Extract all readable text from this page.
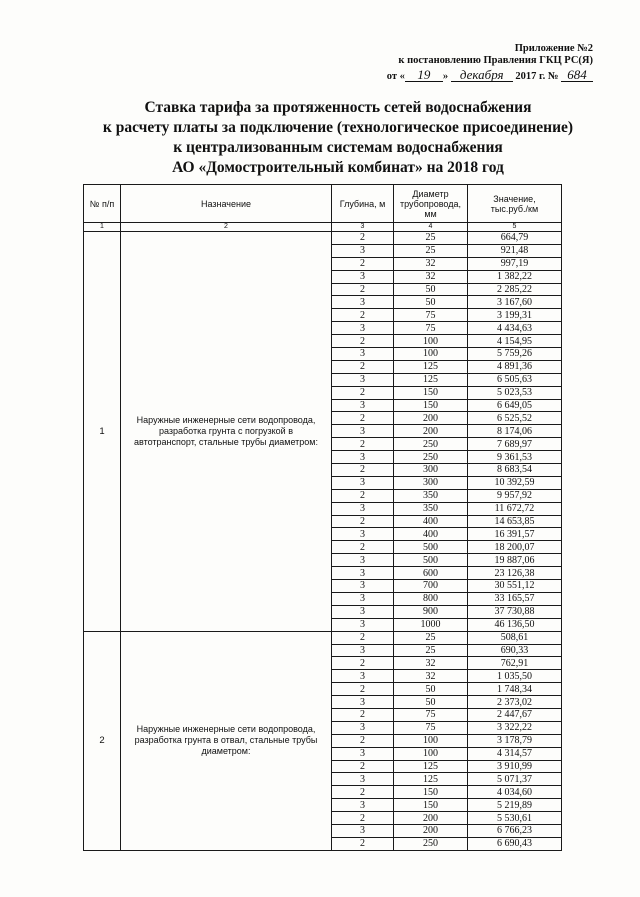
Приложение №2
к постановлению Правления ГКЦ РС(Я)
от « 19 » декабря 2017 г. № 684
Ставка тарифа за протяженность сетей водоснабжения
к расчету платы за подключение (технологическое присоединение)
к централизованным системам водоснабжения
АО «Домостроительный комбинат» на 2018 год
№ п/п	Назначение	Глубина, м	Диаметр трубопровода, мм	Значение, тыс.руб./км
1	2	3	4	5
1	Наружные инженерные сети водопровода,
разработка грунта с погрузкой в
автотранспорт, стальные трубы диаметром:	2	25	664,79
		3	25	921,48
		2	32	997,19
		3	32	1 382,22
		2	50	2 285,22
		3	50	3 167,60
		2	75	3 199,31
		3	75	4 434,63
		2	100	4 154,95
		3	100	5 759,26
		2	125	4 891,36
		3	125	6 505,63
		2	150	5 023,53
		3	150	6 649,05
		2	200	6 525,52
		3	200	8 174,06
		2	250	7 689,97
		3	250	9 361,53
		2	300	8 683,54
		3	300	10 392,59
		2	350	9 957,92
		3	350	11 672,72
		2	400	14 653,85
		3	400	16 391,57
		2	500	18 200,07
		3	500	19 887,06
		3	600	23 126,38
		3	700	30 551,12
		3	800	33 165,57
		3	900	37 730,88
		3	1000	46 136,50
2	Наружные инженерные сети водопровода,
разработка грунта в отвал, стальные трубы
диаметром:	2	25	508,61
		3	25	690,33
		2	32	762,91
		3	32	1 035,50
		2	50	1 748,34
		3	50	2 373,02
		2	75	2 447,67
		3	75	3 322,22
		2	100	3 178,79
		3	100	4 314,57
		2	125	3 910,99
		3	125	5 071,37
		2	150	4 034,60
		3	150	5 219,89
		2	200	5 530,61
		3	200	6 766,23
		2	250	6 690,43
